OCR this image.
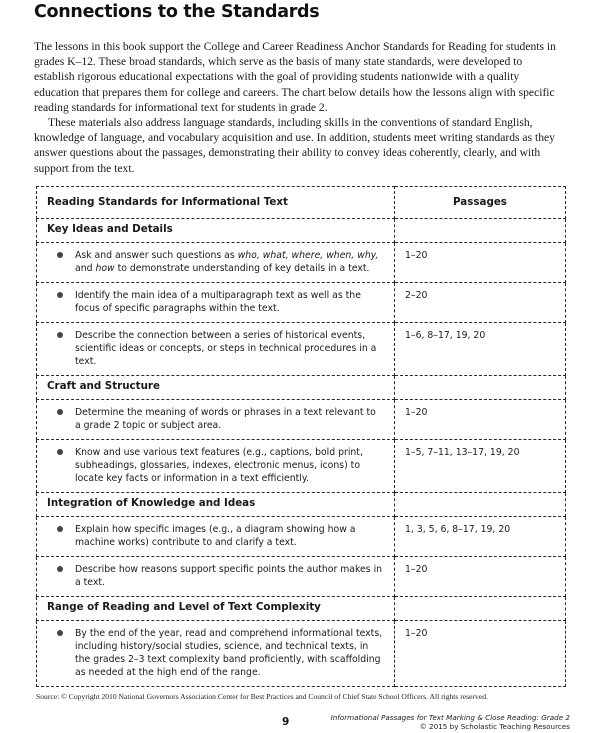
Connections to the Standards

The lessons in this book support the College and Career Readiness Anchor Standards for Reading for students in grades K–12. These broad standards, which serve as the basis of many state standards, were developed to establish rigorous educational expectations with the goal of providing students nationwide with a quality education that prepares them for college and careers. The chart below details how the lessons align with specific reading standards for informational text for students in grade 2.

These materials also address language standards, including skills in the conventions of standard English, knowledge of language, and vocabulary acquisition and use. In addition, students meet writing standards as they answer questions about the passages, demonstrating their ability to convey ideas coherently, clearly, and with support from the text.

Reading Standards for Informational Text	Passages
Key Ideas and Details	

Ask and answer such questions as who, what, where, when, why, and how to demonstrate understanding of key details in a text.	1–20

Identify the main idea of a multiparagraph text as well as the focus of specific paragraphs within the text.	2–20

Describe the connection between a series of historical events, scientific ideas or concepts, or steps in technical procedures in a text.	1–6, 8–17, 19, 20
Craft and Structure	

Determine the meaning of words or phrases in a text relevant to a grade 2 topic or subject area.	1–20

Know and use various text features (e.g., captions, bold print, subheadings, glossaries, indexes, electronic menus, icons) to locate key facts or information in a text efficiently.	1–5, 7–11, 13–17, 19, 20
Integration of Knowledge and Ideas	

Explain how specific images (e.g., a diagram showing how a machine works) contribute to and clarify a text.	1, 3, 5, 6, 8–17, 19, 20

Describe how reasons support specific points the author makes in a text.	1–20
Range of Reading and Level of Text Complexity	

By the end of the year, read and comprehend informational texts, including history/social studies, science, and technical texts, in the grades 2–3 text complexity band proficiently, with scaffolding as needed at the high end of the range.	1–20
Source: © Copyright 2010 National Governors Association Center for Best Practices and Council of Chief State School Officers. All rights reserved.
9	Informational Passages for Text Marking & Close Reading: Grade 2
© 2015 by Scholastic Teaching Resources
